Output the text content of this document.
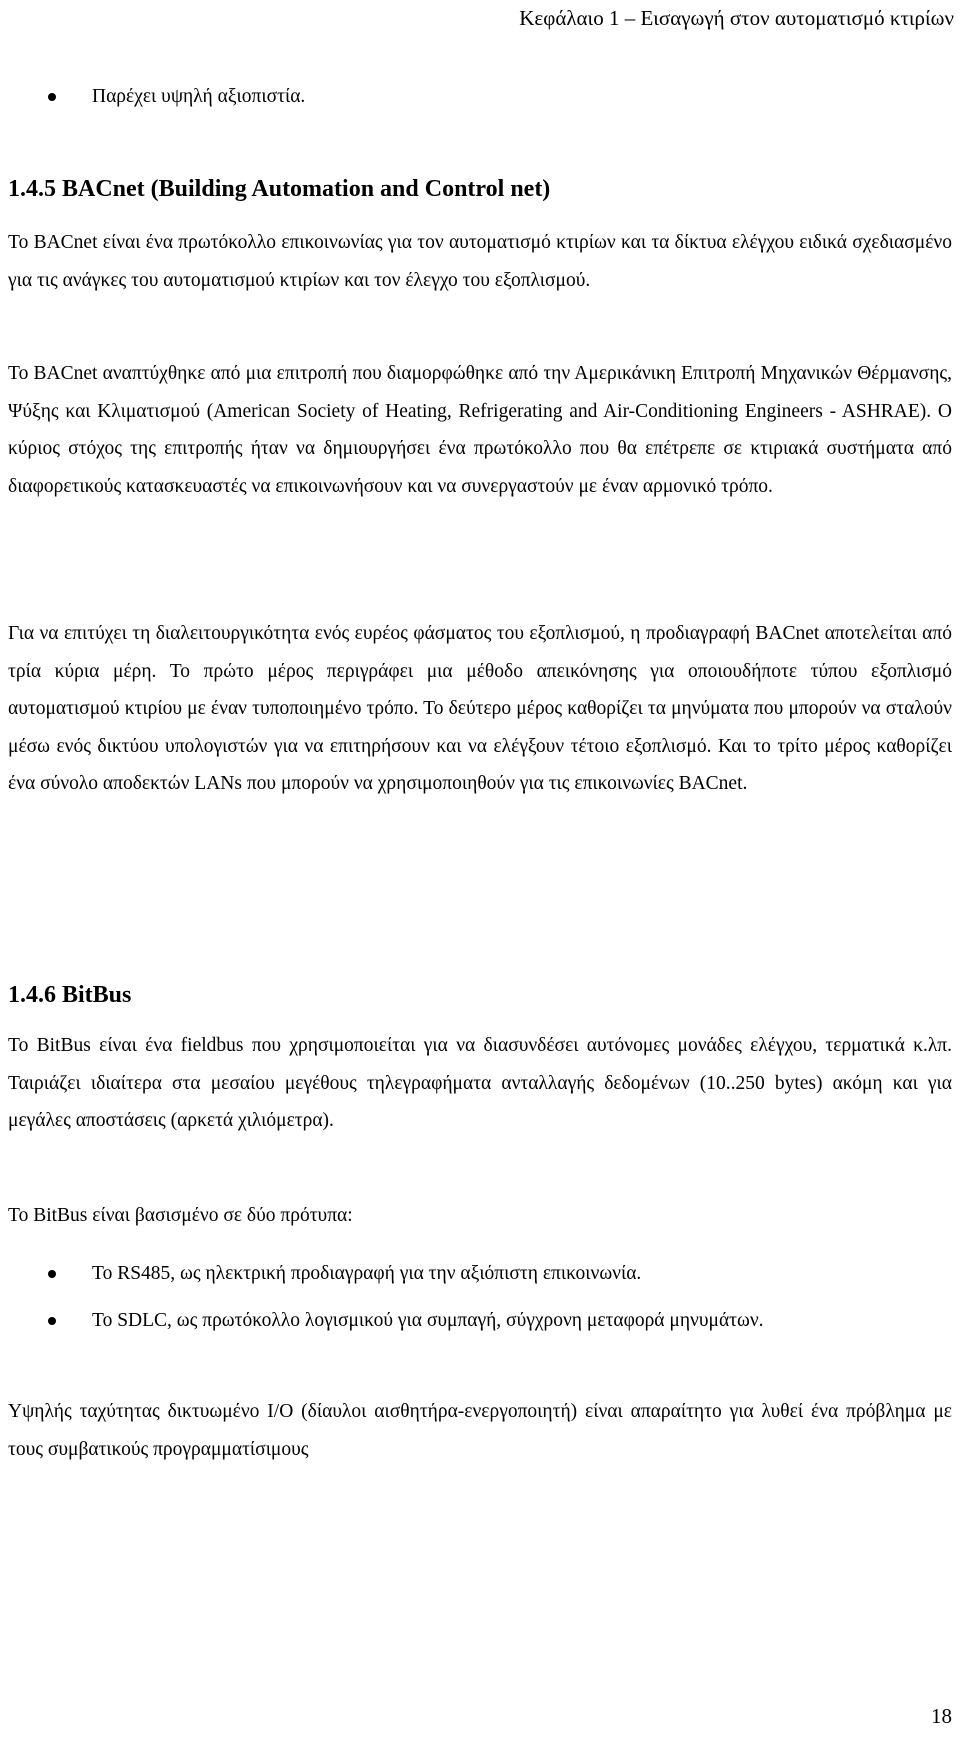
Κεφάλαιο 1 – Εισαγωγή στον αυτοματισμό κτιρίων
Παρέχει υψηλή αξιοπιστία.
1.4.5 BACnet (Building Automation and Control net)

Το BACnet είναι ένα πρωτόκολλο επικοινωνίας για τον αυτοματισμό κτιρίων και τα δίκτυα ελέγχου ειδικά σχεδιασμένο για τις ανάγκες του αυτοματισμού κτιρίων και τον έλεγχο του εξοπλισμού.

Το BACnet αναπτύχθηκε από μια επιτροπή που διαμορφώθηκε από την Αμερικάνικη Επιτροπή Μηχανικών Θέρμανσης, Ψύξης και Κλιματισμού (American Society of Heating, Refrigerating and Air-Conditioning Engineers - ASHRAE). Ο κύριος στόχος της επιτροπής ήταν να δημιουργήσει ένα πρωτόκολλο που θα επέτρεπε σε κτιριακά συστήματα από διαφορετικούς κατασκευαστές να επικοινωνήσουν και να συνεργαστούν με έναν αρμονικό τρόπο.

Για να επιτύχει τη διαλειτουργικότητα ενός ευρέος φάσματος του εξοπλισμού, η προδιαγραφή BACnet αποτελείται από τρία κύρια μέρη. Το πρώτο μέρος περιγράφει μια μέθοδο απεικόνησης για οποιουδήποτε τύπου εξοπλισμό αυτοματισμού κτιρίου με έναν τυποποιημένο τρόπο. Το δεύτερο μέρος καθορίζει τα μηνύματα που μπορούν να σταλούν μέσω ενός δικτύου υπολογιστών για να επιτηρήσουν και να ελέγξουν τέτοιο εξοπλισμό. Και το τρίτο μέρος καθορίζει ένα σύνολο αποδεκτών LANs που μπορούν να χρησιμοποιηθούν για τις επικοινωνίες BACnet.

1.4.6 BitBus

Το BitBus είναι ένα fieldbus που χρησιμοποιείται για να διασυνδέσει αυτόνομες μονάδες ελέγχου, τερματικά κ.λπ. Ταιριάζει ιδιαίτερα στα μεσαίου μεγέθους τηλεγραφήματα ανταλλαγής δεδομένων (10..250 bytes) ακόμη και για μεγάλες αποστάσεις (αρκετά χιλιόμετρα).

Το BitBus είναι βασισμένο σε δύο πρότυπα:

Το RS485, ως ηλεκτρική προδιαγραφή για την αξιόπιστη επικοινωνία.
Το SDLC, ως πρωτόκολλο λογισμικού για συμπαγή, σύγχρονη μεταφορά μηνυμάτων.

Υψηλής ταχύτητας δικτυωμένο I/O (δίαυλοι αισθητήρα-ενεργοποιητή) είναι απαραίτητο για λυθεί ένα πρόβλημα με τους συμβατικούς προγραμματίσιμους

18
